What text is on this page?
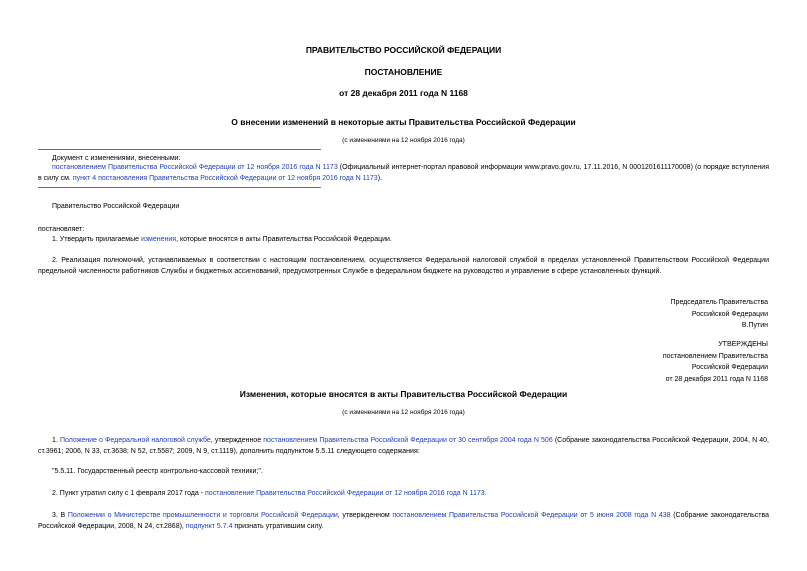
ПРАВИТЕЛЬСТВО РОССИЙСКОЙ ФЕДЕРАЦИИ
ПОСТАНОВЛЕНИЕ
от 28 декабря 2011 года N 1168
О внесении изменений в некоторые акты Правительства Российской Федерации
(с изменениями на 12 ноября 2016 года)
Документ с изменениями, внесенными:
постановлением Правительства Российской Федерации от 12 ноября 2016 года N 1173 (Официальный интернет-портал правовой информации www.pravo.gov.ru, 17.11.2016, N 0001201611170008) (о порядке вступления в силу см. пункт 4 постановления Правительства Российской Федерации от 12 ноября 2016 года N 1173).
Правительство Российской Федерации
постановляет:
1. Утвердить прилагаемые изменения, которые вносятся в акты Правительства Российской Федерации.
2. Реализация полномочий, устанавливаемых в соответствии с настоящим постановлением, осуществляется Федеральной налоговой службой в пределах установленной Правительством Российской Федерации предельной численности работников Службы и бюджетных ассигнований, предусмотренных Службе в федеральном бюджете на руководство и управление в сфере установленных функций.
Председатель Правительства
Российской Федерации
В.Путин
УТВЕРЖДЕНЫ
постановлением Правительства
Российской Федерации
от 28 декабря 2011 года N 1168
Изменения, которые вносятся в акты Правительства Российской Федерации
(с изменениями на 12 ноября 2016 года)
1. Положение о Федеральной налоговой службе, утвержденное постановлением Правительства Российской Федерации от 30 сентября 2004 года N 506 (Собрание законодательства Российской Федерации, 2004, N 40, ст.3961; 2006, N 33, ст.3638; N 52, ст.5587; 2009, N 9, ст.1119), дополнить подпунктом 5.5.11 следующего содержания:
"5.5.11. Государственный реестр контрольно-кассовой техники;".
2. Пункт утратил силу с 1 февраля 2017 года - постановление Правительства Российской Федерации от 12 ноября 2016 года N 1173.
3. В Положении о Министерстве промышленности и торговли Российской Федерации, утвержденном постановлением Правительства Российской Федерации от 5 июня 2008 года N 438 (Собрание законодательства Российской Федерации, 2008, N 24, ст.2868), подпункт 5.7.4 признать утратившим силу.
